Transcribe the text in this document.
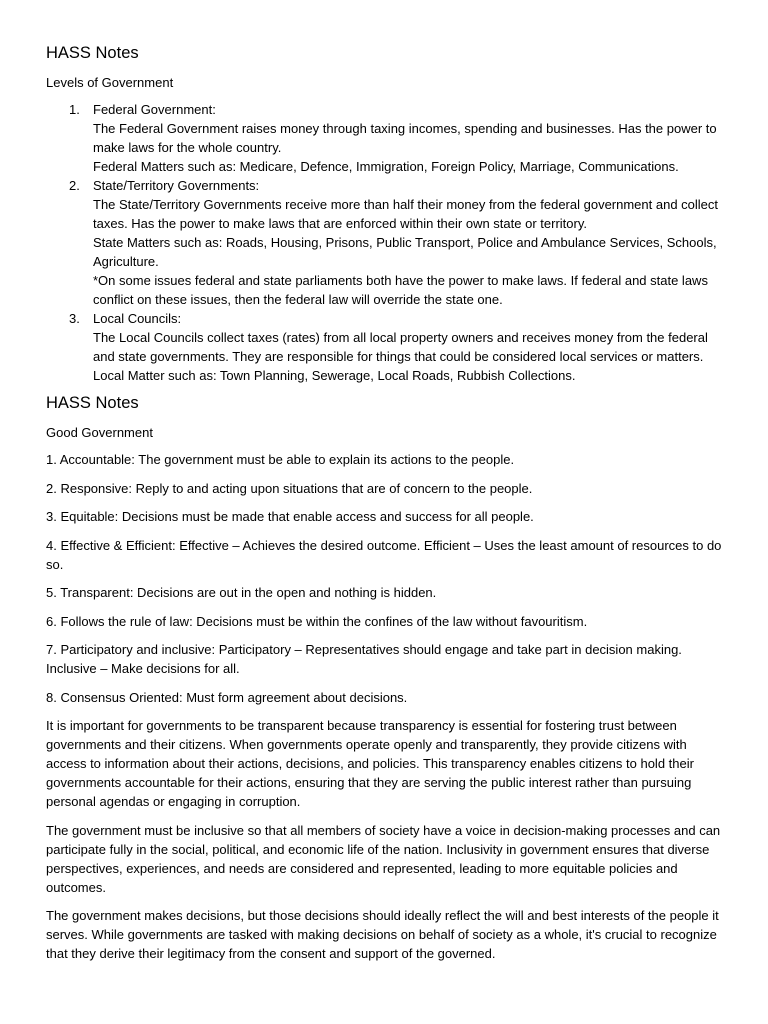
HASS Notes
Levels of Government
1. Federal Government:
The Federal Government raises money through taxing incomes, spending and businesses. Has the power to make laws for the whole country.
Federal Matters such as: Medicare, Defence, Immigration, Foreign Policy, Marriage, Communications.
2. State/Territory Governments:
The State/Territory Governments receive more than half their money from the federal government and collect taxes. Has the power to make laws that are enforced within their own state or territory.
State Matters such as: Roads, Housing, Prisons, Public Transport, Police and Ambulance Services, Schools, Agriculture.
*On some issues federal and state parliaments both have the power to make laws. If federal and state laws conflict on these issues, then the federal law will override the state one.
3. Local Councils:
The Local Councils collect taxes (rates) from all local property owners and receives money from the federal and state governments. They are responsible for things that could be considered local services or matters.
Local Matter such as: Town Planning, Sewerage, Local Roads, Rubbish Collections.
HASS Notes
Good Government
1. Accountable: The government must be able to explain its actions to the people.
2. Responsive: Reply to and acting upon situations that are of concern to the people.
3. Equitable: Decisions must be made that enable access and success for all people.
4. Effective & Efficient: Effective – Achieves the desired outcome. Efficient – Uses the least amount of resources to do so.
5. Transparent: Decisions are out in the open and nothing is hidden.
6. Follows the rule of law: Decisions must be within the confines of the law without favouritism.
7. Participatory and inclusive: Participatory – Representatives should engage and take part in decision making. Inclusive – Make decisions for all.
8. Consensus Oriented: Must form agreement about decisions.

It is important for governments to be transparent because transparency is essential for fostering trust between governments and their citizens. When governments operate openly and transparently, they provide citizens with access to information about their actions, decisions, and policies. This transparency enables citizens to hold their governments accountable for their actions, ensuring that they are serving the public interest rather than pursuing personal agendas or engaging in corruption.

The government must be inclusive so that all members of society have a voice in decision-making processes and can participate fully in the social, political, and economic life of the nation. Inclusivity in government ensures that diverse perspectives, experiences, and needs are considered and represented, leading to more equitable policies and outcomes.

The government makes decisions, but those decisions should ideally reflect the will and best interests of the people it serves. While governments are tasked with making decisions on behalf of society as a whole, it's crucial to recognize that they derive their legitimacy from the consent and support of the governed.
